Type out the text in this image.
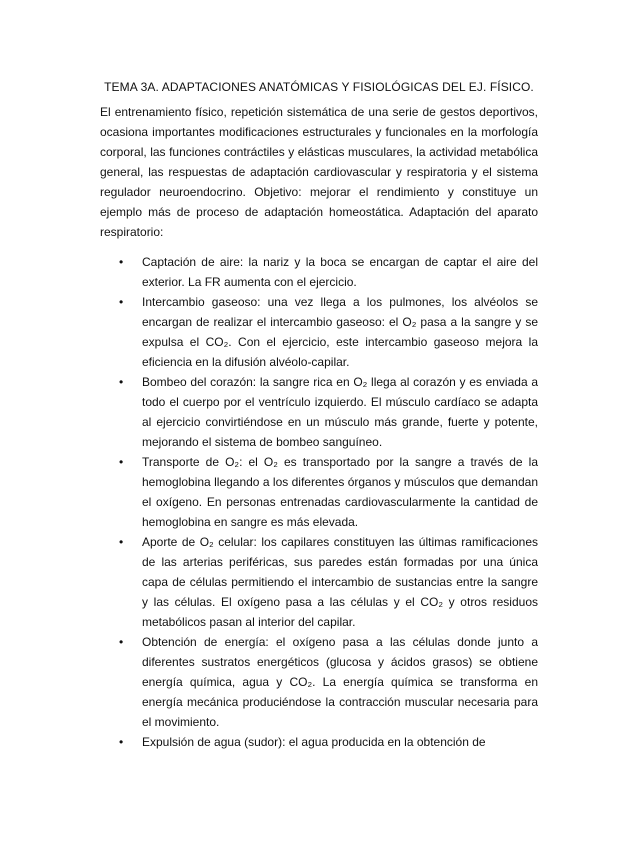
TEMA 3A. ADAPTACIONES ANATÓMICAS Y FISIOLÓGICAS DEL EJ. FÍSICO.

El entrenamiento físico, repetición sistemática de una serie de gestos deportivos, ocasiona importantes modificaciones estructurales y funcionales en la morfología corporal, las funciones contráctiles y elásticas musculares, la actividad metabólica general, las respuestas de adaptación cardiovascular y respiratoria y el sistema regulador neuroendocrino. Objetivo: mejorar el rendimiento y constituye un ejemplo más de proceso de adaptación homeostática. Adaptación del aparato respiratorio:

• Captación de aire: la nariz y la boca se encargan de captar el aire del exterior. La FR aumenta con el ejercicio.
• Intercambio gaseoso: una vez llega a los pulmones, los alvéolos se encargan de realizar el intercambio gaseoso: el O₂ pasa a la sangre y se expulsa el CO₂. Con el ejercicio, este intercambio gaseoso mejora la eficiencia en la difusión alvéolo-capilar.
• Bombeo del corazón: la sangre rica en O₂ llega al corazón y es enviada a todo el cuerpo por el ventrículo izquierdo. El músculo cardíaco se adapta al ejercicio convirtiéndose en un músculo más grande, fuerte y potente, mejorando el sistema de bombeo sanguíneo.
• Transporte de O₂: el O₂ es transportado por la sangre a través de la hemoglobina llegando a los diferentes órganos y músculos que demandan el oxígeno. En personas entrenadas cardiovascularmente la cantidad de hemoglobina en sangre es más elevada.
• Aporte de O₂ celular: los capilares constituyen las últimas ramificaciones de las arterias periféricas, sus paredes están formadas por una única capa de células permitiendo el intercambio de sustancias entre la sangre y las células. El oxígeno pasa a las células y el CO₂ y otros residuos metabólicos pasan al interior del capilar.
• Obtención de energía: el oxígeno pasa a las células donde junto a diferentes sustratos energéticos (glucosa y ácidos grasos) se obtiene energía química, agua y CO₂. La energía química se transforma en energía mecánica produciéndose la contracción muscular necesaria para el movimiento.
• Expulsión de agua (sudor): el agua producida en la obtención de
